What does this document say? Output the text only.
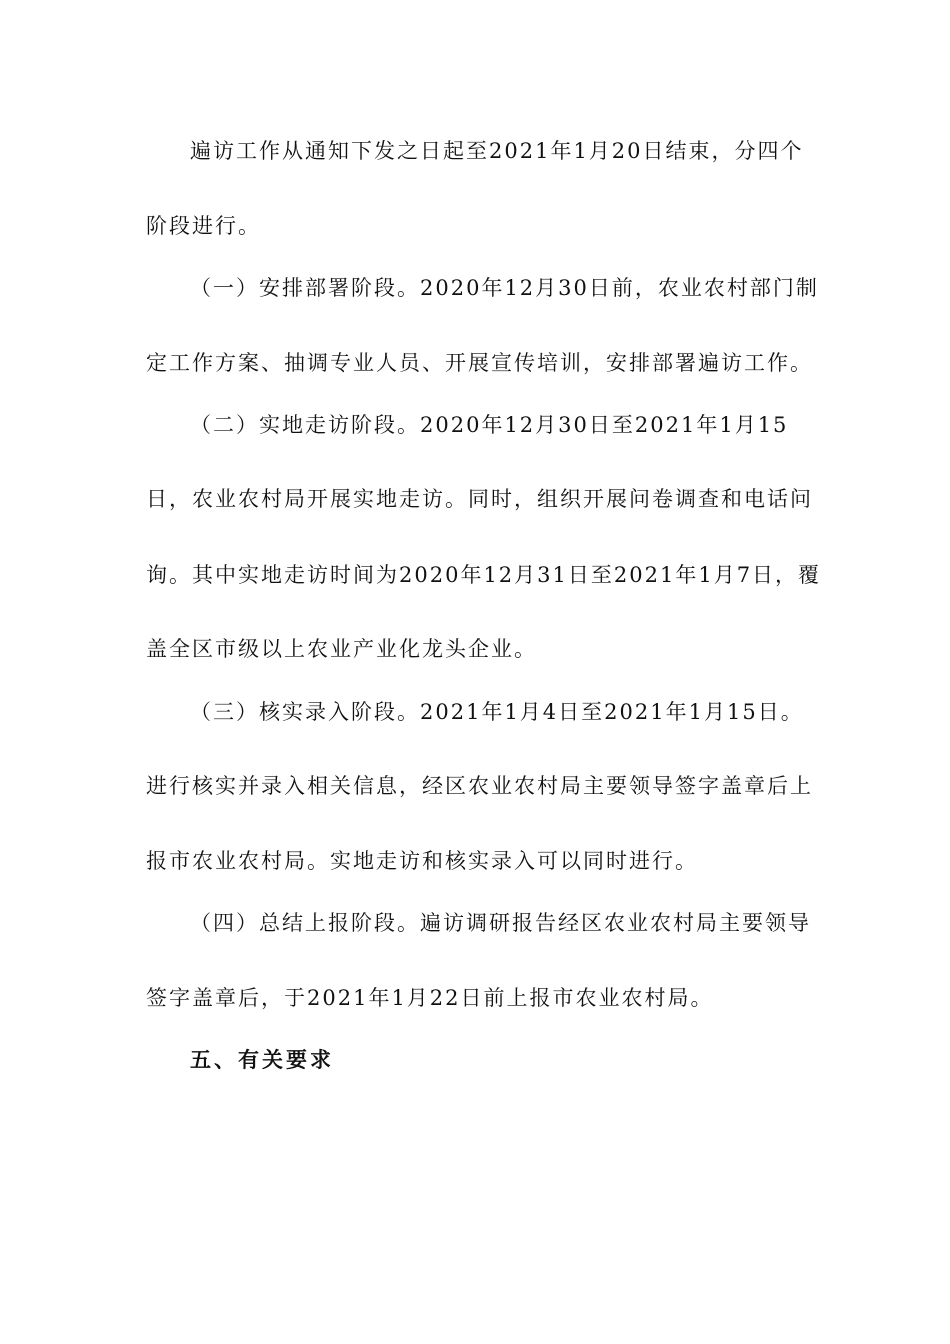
遍访工作从通知下发之日起至2021年1月20日结束，分四个
阶段进行。
（一）安排部署阶段。2020年12月30日前，农业农村部门制
定工作方案、抽调专业人员、开展宣传培训，安排部署遍访工作。
（二）实地走访阶段。2020年12月30日至2021年1月15
日，农业农村局开展实地走访。同时，组织开展问卷调查和电话问
询。其中实地走访时间为2020年12月31日至2021年1月7日，覆
盖全区市级以上农业产业化龙头企业。
（三）核实录入阶段。2021年1月4日至2021年1月15日。
进行核实并录入相关信息，经区农业农村局主要领导签字盖章后上
报市农业农村局。实地走访和核实录入可以同时进行。
（四）总结上报阶段。遍访调研报告经区农业农村局主要领导
签字盖章后，于2021年1月22日前上报市农业农村局。
五、有关要求
